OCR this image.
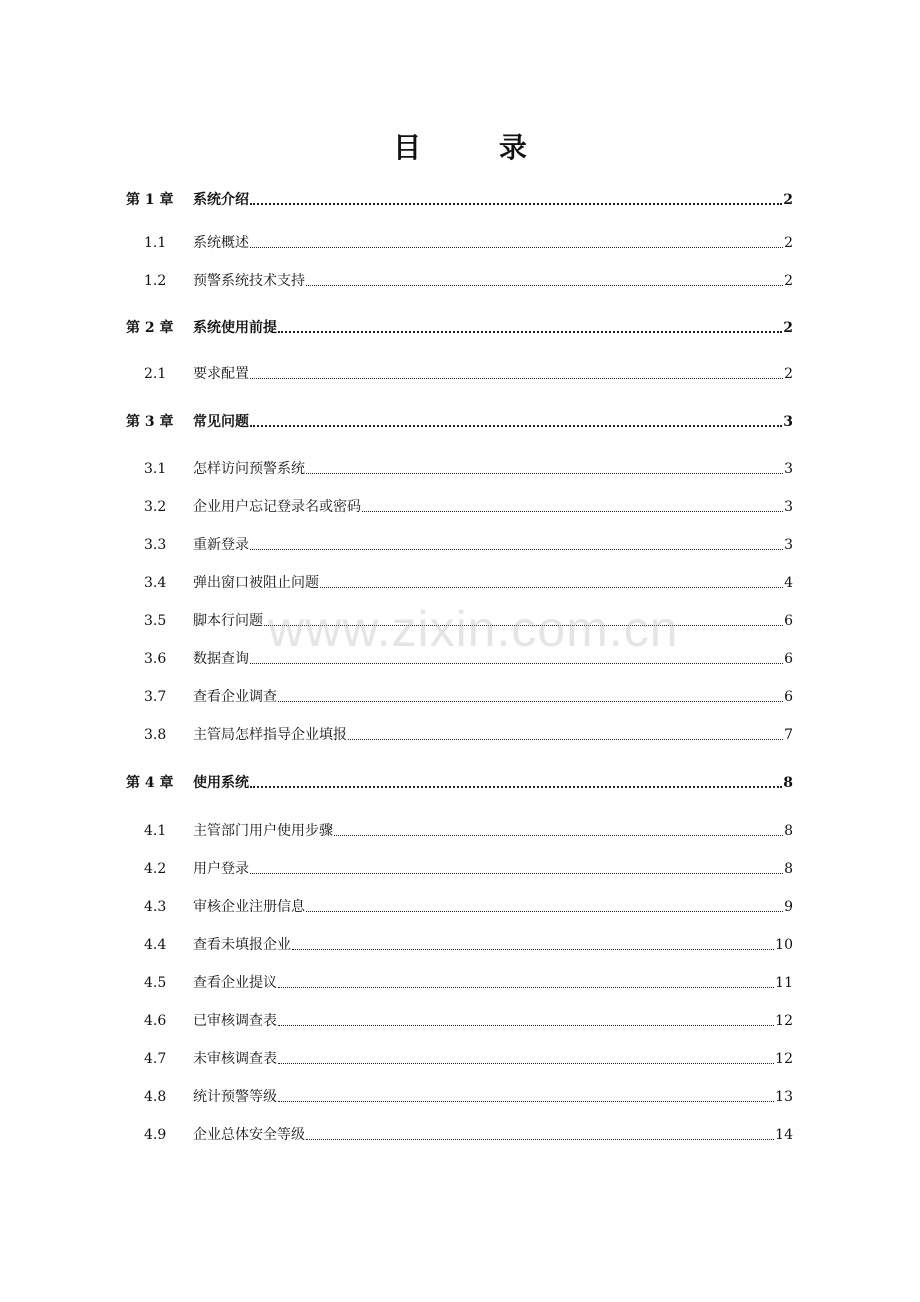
目 录
第 1 章	系统介绍	2
1.1	系统概述	2
1.2	预警系统技术支持	2
第 2 章	系统使用前提	2
2.1	要求配置	2
第 3 章	常见问题	3
3.1	怎样访问预警系统	3
3.2	企业用户忘记登录名或密码	3
3.3	重新登录	3
3.4	弹出窗口被阻止问题	4
3.5	脚本行问题	6
3.6	数据查询	6
3.7	查看企业调查	6
3.8	主管局怎样指导企业填报	7
第 4 章	使用系统	8
4.1	主管部门用户使用步骤	8
4.2	用户登录	8
4.3	审核企业注册信息	9
4.4	查看未填报企业	10
4.5	查看企业提议	11
4.6	已审核调查表	12
4.7	未审核调查表	12
4.8	统计预警等级	13
4.9	企业总体安全等级	14
www.zixin.com.cn
